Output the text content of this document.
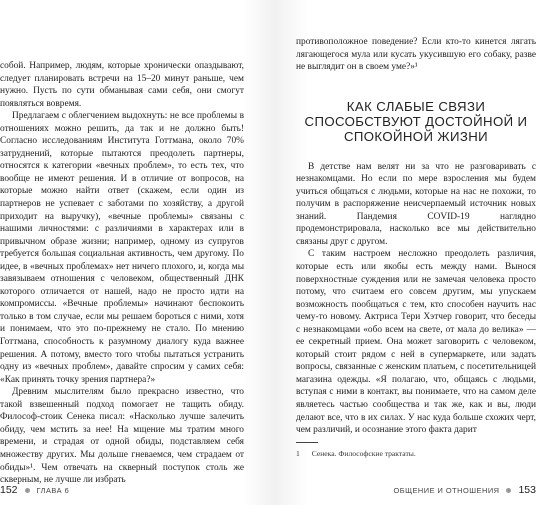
собой. Например, людям, которые хронически опаздывают, следует планировать встречи на 15–20 минут раньше, чем нужно. Пусть по сути обманывая сами себя, они смогут появляться вовремя.

Предлагаем с облегчением выдохнуть: не все проблемы в отношениях можно решить, да так и не должно быть! Согласно исследованиям Института Готтмана, около 70% затруднений, которые пытаются преодолеть партнеры, относятся к категории «вечных проблем», то есть тех, что вообще не имеют решения. И в отличие от вопросов, на которые можно найти ответ (скажем, если один из партнеров не успевает с заботами по хозяйству, а другой приходит на выручку), «вечные проблемы» связаны с нашими личностями: с различиями в характерах или в привычном образе жизни; например, одному из супругов требуется большая социальная активность, чем другому. По идее, в «вечных проблемах» нет ничего плохого, и, когда мы завязываем отношения с человеком, общественный ДНК которого отличается от нашей, надо не просто идти на компромиссы. «Вечные проблемы» начинают беспокоить только в том случае, если мы решаем бороться с ними, хотя и понимаем, что это по-прежнему не стало. По мнению Готтмана, способность к разумному диалогу куда важнее решения. А потому, вместо того чтобы пытаться устранить одну из «вечных проблем», давайте спросим у самих себя: «Как принять точку зрения партнера?»

Древним мыслителям было прекрасно известно, что такой взвешенный подход помогает не тащить обиду. Философ-стоик Сенека писал: «Насколько лучше залечить обиду, чем мстить за нее! На мщение мы тратим много времени, и страдая от одной обиды, подставляем себя множеству других. Мы дольше гневаемся, чем страдаем от обиды»¹. Чем отвечать на скверный поступок столь же скверным, не лучше ли избрать

152	ГЛАВА 6

противоположное поведение? Если кто-то кинется лягать лягающегося мула или кусать укусившую его собаку, разве не выглядит он в своем уме?»¹

КАК СЛАБЫЕ СВЯЗИ СПОСОБСТВУЮТ ДОСТОЙНОЙ И СПОКОЙНОЙ ЖИЗНИ

В детстве нам велят ни за что не разговаривать с незнакомцами. Но если по мере взросления мы будем учиться общаться с людьми, которые на нас не похожи, то получим в распоряжение неисчерпаемый источник новых знаний. Пандемия COVID-19 наглядно продемонстрировала, насколько все мы действительно связаны друг с другом.

С таким настроем несложно преодолеть различия, которые есть или якобы есть между нами. Вынося поверхностные суждения или не замечая человека просто потому, что считаем его совсем другим, мы упускаем возможность пообщаться с тем, кто способен научить нас чему-то новому. Актриса Тери Хэтчер говорит, что беседы с незнакомцами «обо всем на свете, от мала до велика» — ее секретный прием. Она может заговорить с человеком, который стоит рядом с ней в супермаркете, или задать вопросы, связанные с женским платьем, с посетительницей магазина одежды. «Я полагаю, что, общаясь с людьми, вступая с ними в контакт, вы понимаете, что на самом деле являетесь частью сообщества и так же, как и вы, люди делают все, что в их силах. У нас куда больше схожих черт, чем различий, и осознание этого факта дарит

1 Сенека. Философские трактаты.
ОБЩЕНИЕ И ОТНОШЕНИЯ 153
